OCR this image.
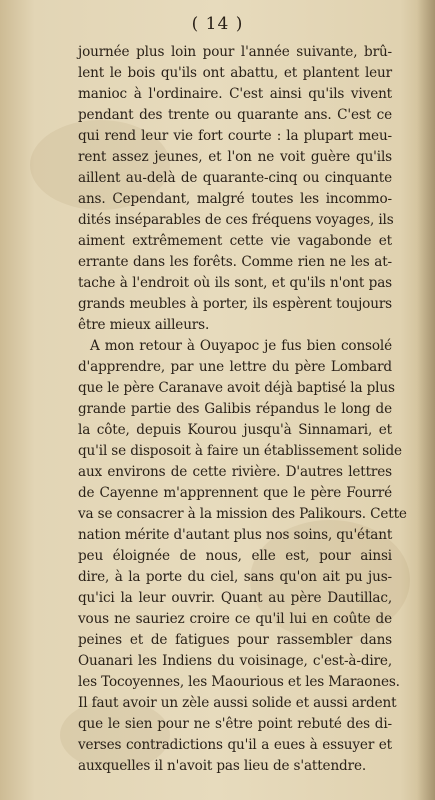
( 14 )
journée plus loin pour l'année suivante, brû-
lent le bois qu'ils ont abattu, et plantent leur
manioc à l'ordinaire. C'est ainsi qu'ils vivent
pendant des trente ou quarante ans. C'est ce
qui rend leur vie fort courte : la plupart meu-
rent assez jeunes, et l'on ne voit guère qu'ils
aillent au-delà de quarante-cinq ou cinquante
ans. Cependant, malgré toutes les incommo-
dités inséparables de ces fréquens voyages, ils
aiment extrêmement cette vie vagabonde et
errante dans les forêts. Comme rien ne les at-
tache à l'endroit où ils sont, et qu'ils n'ont pas
grands meubles à porter, ils espèrent toujours
être mieux ailleurs.
A mon retour à Ouyapoc je fus bien consolé
d'apprendre, par une lettre du père Lombard
que le père Caranave avoit déjà baptisé la plus
grande partie des Galibis répandus le long de
la côte, depuis Kourou jusqu'à Sinnamari, et
qu'il se disposoit à faire un établissement solide
aux environs de cette rivière. D'autres lettres
de Cayenne m'apprennent que le père Fourré
va se consacrer à la mission des Palikours. Cette
nation mérite d'autant plus nos soins, qu'étant
peu éloignée de nous, elle est, pour ainsi
dire, à la porte du ciel, sans qu'on ait pu jus-
qu'ici la leur ouvrir. Quant au père Dautillac,
vous ne sauriez croire ce qu'il lui en coûte de
peines et de fatigues pour rassembler dans
Ouanari les Indiens du voisinage, c'est-à-dire,
les Tocoyennes, les Maourious et les Maraones.
Il faut avoir un zèle aussi solide et aussi ardent
que le sien pour ne s'être point rebuté des di-
verses contradictions qu'il a eues à essuyer et
auxquelles il n'avoit pas lieu de s'attendre.
